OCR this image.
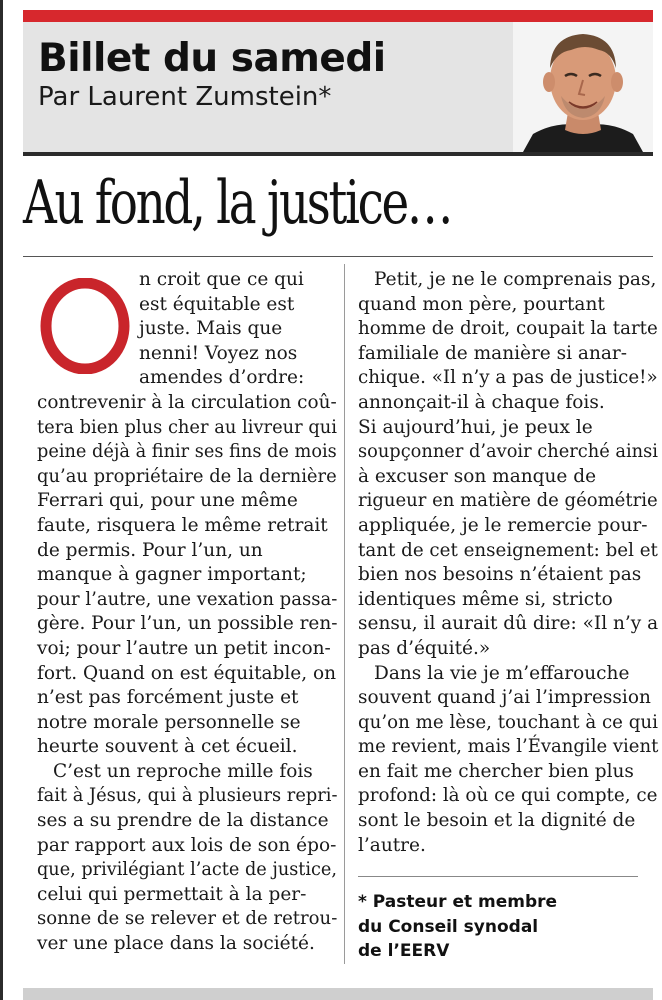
Billet du samedi
Par Laurent Zumstein*
Au fond, la justice…
n croit que ce qui
est équitable est
juste. Mais que
nenni! Voyez nos
amendes d’ordre:
contrevenir à la circulation coû-
tera bien plus cher au livreur qui
peine déjà à finir ses fins de mois
qu’au propriétaire de la dernière
Ferrari qui, pour une même
faute, risquera le même retrait
de permis. Pour l’un, un
manque à gagner important;
pour l’autre, une vexation passa-
gère. Pour l’un, un possible ren-
voi; pour l’autre un petit incon-
fort. Quand on est équitable, on
n’est pas forcément juste et
notre morale personnelle se
heurte souvent à cet écueil.
C’est un reproche mille fois
fait à Jésus, qui à plusieurs repri-
ses a su prendre de la distance
par rapport aux lois de son épo-
que, privilégiant l’acte de justice,
celui qui permettait à la per-
sonne de se relever et de retrou-
ver une place dans la société.
Petit, je ne le comprenais pas,
quand mon père, pourtant
homme de droit, coupait la tarte
familiale de manière si anar-
chique. «Il n’y a pas de justice!»
annonçait-il à chaque fois.
Si aujourd’hui, je peux le
soupçonner d’avoir cherché ainsi
à excuser son manque de
rigueur en matière de géométrie
appliquée, je le remercie pour-
tant de cet enseignement: bel et
bien nos besoins n’étaient pas
identiques même si, stricto
sensu, il aurait dû dire: «Il n’y a
pas d’équité.»
Dans la vie je m’effarouche
souvent quand j’ai l’impression
qu’on me lèse, touchant à ce qui
me revient, mais l’Évangile vient
en fait me chercher bien plus
profond: là où ce qui compte, ce
sont le besoin et la dignité de
l’autre.
* Pasteur et membre
du Conseil synodal
de l’EERV
